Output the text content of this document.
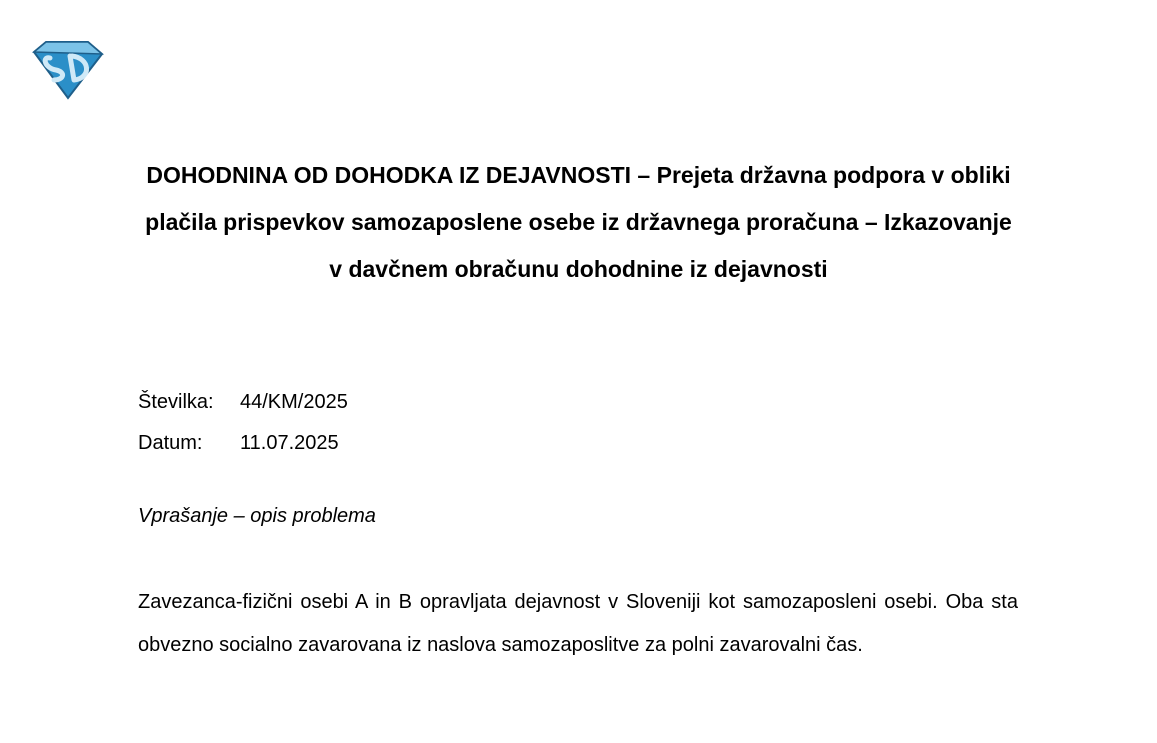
DOHODNINA OD DOHODKA IZ DEJAVNOSTI – Prejeta državna podpora v obliki plačila prispevkov samozaposlene osebe iz državnega proračuna – Izkazovanje v davčnem obračunu dohodnine iz dejavnosti
Številka:	44/KM/2025
Datum:	11.07.2025
Vprašanje – opis problema

Zavezanca-fizični osebi A in B opravljata dejavnost v Sloveniji kot samozaposleni osebi. Oba sta obvezno socialno zavarovana iz naslova samozaposlitve za polni zavarovalni čas.
